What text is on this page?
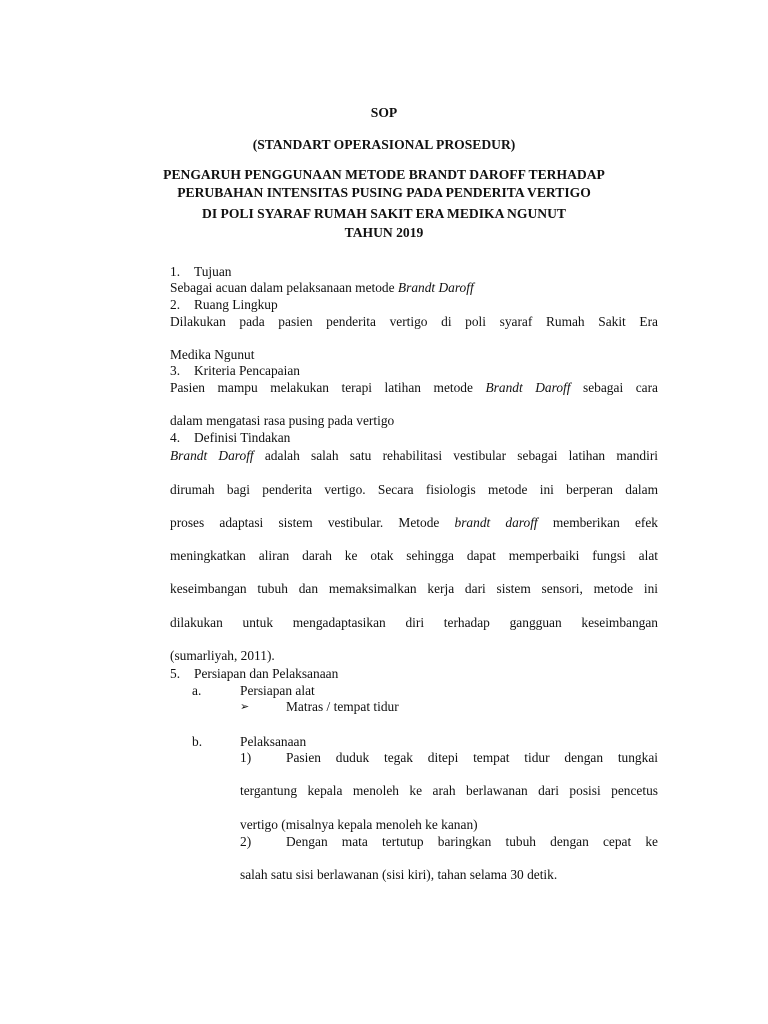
SOP
(STANDART OPERASIONAL PROSEDUR)
PENGARUH PENGGUNAAN METODE BRANDT DAROFF TERHADAP
PERUBAHAN INTENSITAS PUSING PADA PENDERITA VERTIGO
DI POLI SYARAF RUMAH SAKIT ERA MEDIKA NGUNUT
TAHUN 2019
1. Tujuan
Sebagai acuan dalam pelaksanaan metode Brandt Daroff
2. Ruang Lingkup
Dilakukan pada pasien penderita vertigo di poli syaraf Rumah Sakit Era
Medika Ngunut
3. Kriteria Pencapaian
Pasien mampu melakukan terapi latihan metode Brandt Daroff sebagai cara
dalam mengatasi rasa pusing pada vertigo
4. Definisi Tindakan
Brandt Daroff adalah salah satu rehabilitasi vestibular sebagai latihan mandiri
dirumah bagi penderita vertigo. Secara fisiologis metode ini berperan dalam
proses adaptasi sistem vestibular. Metode brandt daroff memberikan efek
meningkatkan aliran darah ke otak sehingga dapat memperbaiki fungsi alat
keseimbangan tubuh dan memaksimalkan kerja dari sistem sensori, metode ini
dilakukan untuk mengadaptasikan diri terhadap gangguan keseimbangan
(sumarliyah, 2011).
5. Persiapan dan Pelaksanaan
a.	Persiapan alat
➢	Matras / tempat tidur
b.	Pelaksanaan
1)	Pasien duduk tegak ditepi tempat tidur dengan tungkai
tergantung kepala menoleh ke arah berlawanan dari posisi pencetus
vertigo (misalnya kepala menoleh ke kanan)
2)	Dengan mata tertutup baringkan tubuh dengan cepat ke
salah satu sisi berlawanan (sisi kiri), tahan selama 30 detik.
